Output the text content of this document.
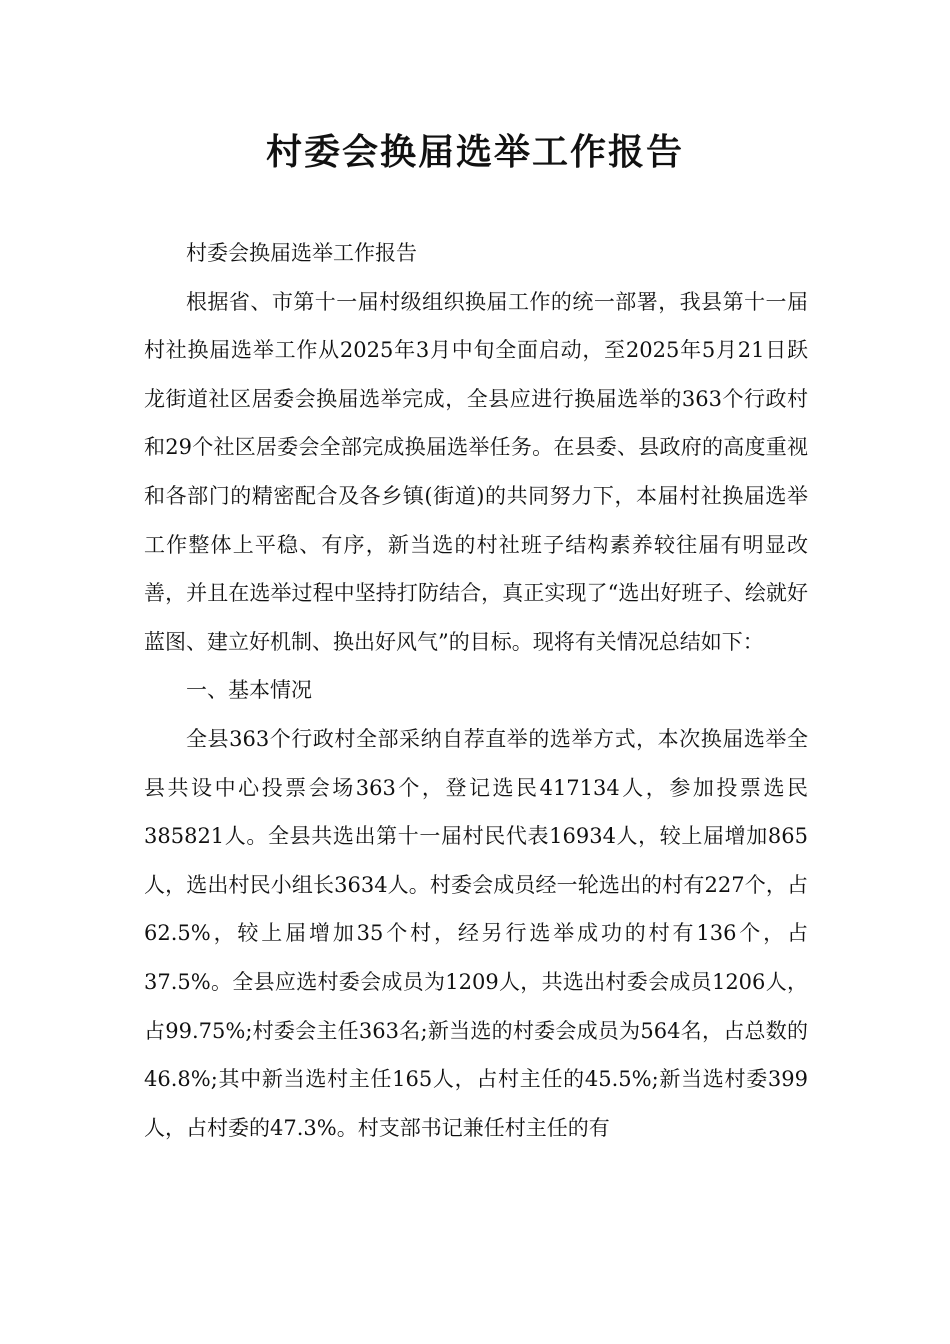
村委会换届选举工作报告

村委会换届选举工作报告

根据省、市第十一届村级组织换届工作的统一部署，我县第十一届村社换届选举工作从2025年3月中旬全面启动，至2025年5月21日跃龙街道社区居委会换届选举完成，全县应进行换届选举的363个行政村和29个社区居委会全部完成换届选举任务。在县委、县政府的高度重视和各部门的精密配合及各乡镇(街道)的共同努力下，本届村社换届选举工作整体上平稳、有序，新当选的村社班子结构素养较往届有明显改善，并且在选举过程中坚持打防结合，真正实现了“选出好班子、绘就好蓝图、建立好机制、换出好风气”的目标。现将有关情况总结如下：

一、基本情况

全县363个行政村全部采纳自荐直举的选举方式，本次换届选举全县共设中心投票会场363个，登记选民417134人，参加投票选民385821人。全县共选出第十一届村民代表16934人，较上届增加865人，选出村民小组长3634人。村委会成员经一轮选出的村有227个，占62.5%，较上届增加35个村，经另行选举成功的村有136个，占37.5%。全县应选村委会成员为1209人，共选出村委会成员1206人，占99.75%;村委会主任363名;新当选的村委会成员为564名，占总数的46.8%;其中新当选村主任165人，占村主任的45.5%;新当选村委399人，占村委的47.3%。村支部书记兼任村主任的有
